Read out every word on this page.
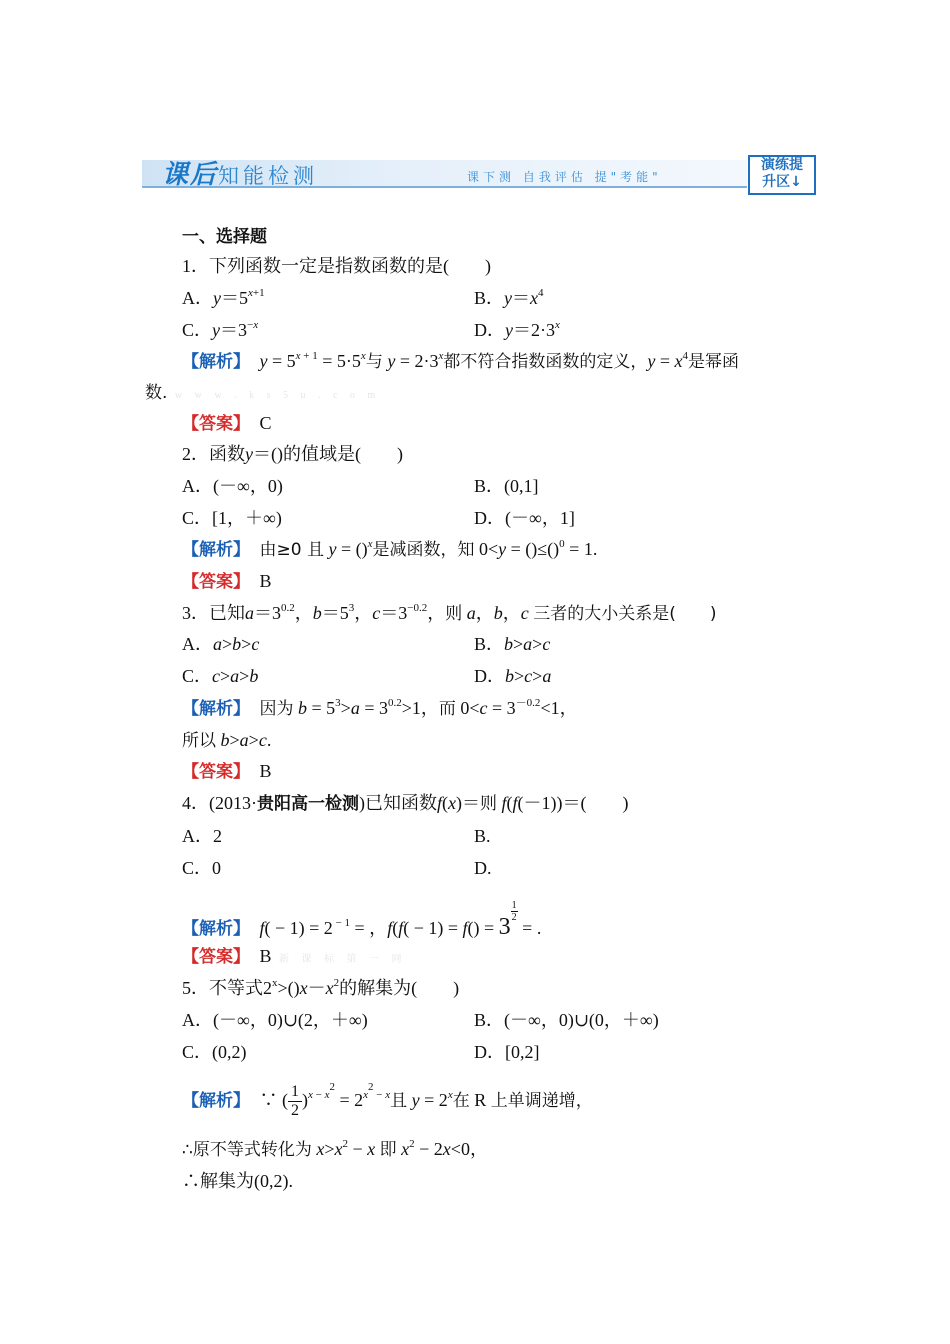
课后知能检测	课下测 自我评估 提"考能"
演练提
升区↓
一、选择题
1．下列函数一定是指数函数的是(　　)
A．$y=5^{x+1}$	B．$y=x^4$
C．$y=3^{-x}$	D．$y=2\cdot 3^x$
【解析】　 $y = 5^{x + 1} = 5\cdot 5^x$与 $y = 2\cdot 3^x$都不符合指数函数的定义，$y = x^4$是幂函
数. w w w . k s 5 u . c o m
【答案】　 C
2．函数y＝()的值域是(　　)
A．(－∞，0)	B．(0,1]
C．[1，＋∞)	D．(－∞，1]
【解析】　 由≥0 且 y = ()$^x$是减函数，知 0<y = ()≤()$^0$ = 1.
【答案】　 B
3．已知$a=3^{0.2}$，$b=5^3$，$c=3^{-0.2}$，则 a，b，c 三者的大小关系是(　　)
A．a>b>c	B．b>a>c
C．c>a>b	D．b>c>a
【解析】　 因为 $b = 5^3>a = 3^{0.2}>1$，而 $0<c = 3^{-0.2}<1$，
所以 b>a>c.
【答案】　 B
4．(2013·贵阳高一检测)已知函数f(x)＝则 f(f(－1))＝(　　)
A．2	B.
C．0	D.
【解析】　 f( − 1) = 2 $^{- 1}$ = ，f(f( − 1) = f() = 3
$\frac{1}{2}$ = .
【答案】　 B 新 课 标 第 一 网
5．不等式$2^x>()x-x^2$的解集为(　　)
A．(－∞，0)∪(2，＋∞)	B．(－∞，0)∪(0，＋∞)
C．(0,2)	D．[0,2]
【解析】　∵ ( $\frac{1}{2} )^{x - x^2} = 2^{x^2 - x}$且 $y = 2^x$在 R 上单调递增，
∴原不等式转化为 $x>x^2 - x$ 即 $x^2 - 2x<0$，
∴解集为(0,2).
